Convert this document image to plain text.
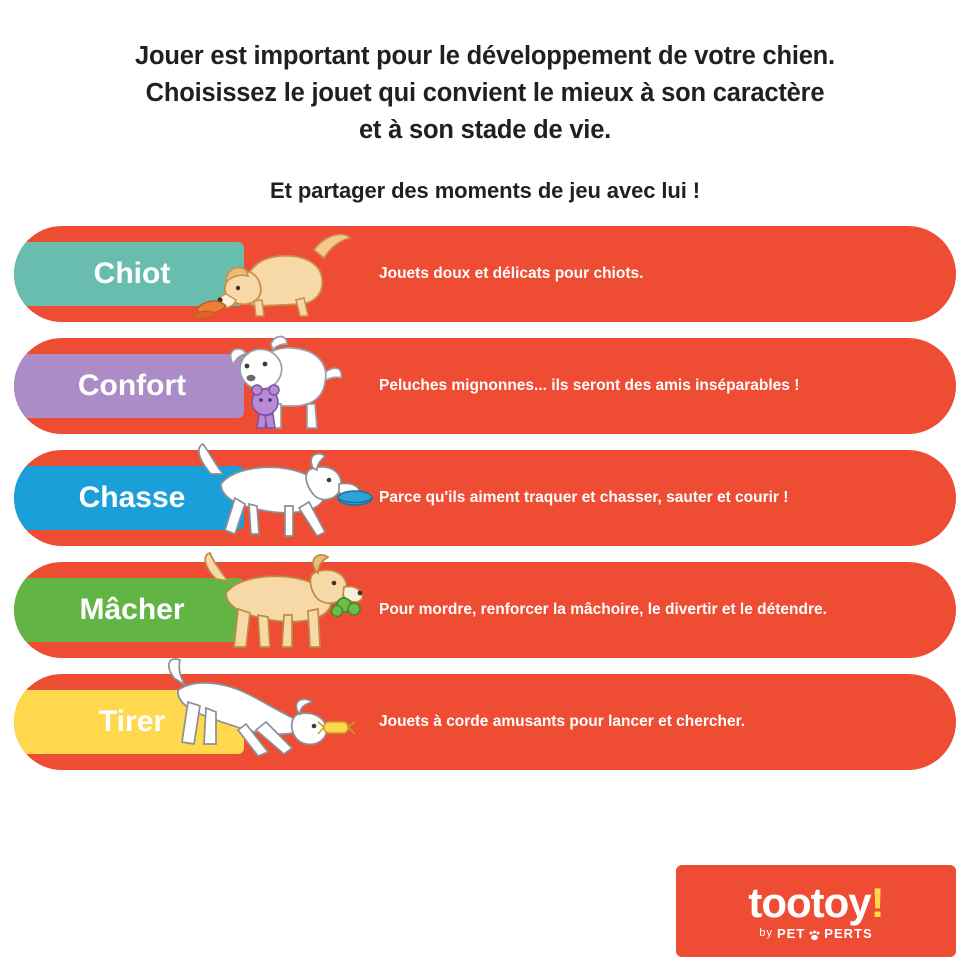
Jouer est important pour le développement de votre chien.
Choisissez le jouet qui convient le mieux à son caractère
et à son stade de vie.
Et partager des moments de jeu avec lui !
Chiot	Jouets doux et délicats pour chiots.
Confort	Peluches mignonnes... ils seront des amis inséparables !
Chasse	Parce qu'ils aiment traquer et chasser, sauter et courir !
Mâcher	Pour mordre, renforcer la mâchoire, le divertir et le détendre.
Tirer	Jouets à corde amusants pour lancer et chercher.
tootoy!
by PET PERTS
